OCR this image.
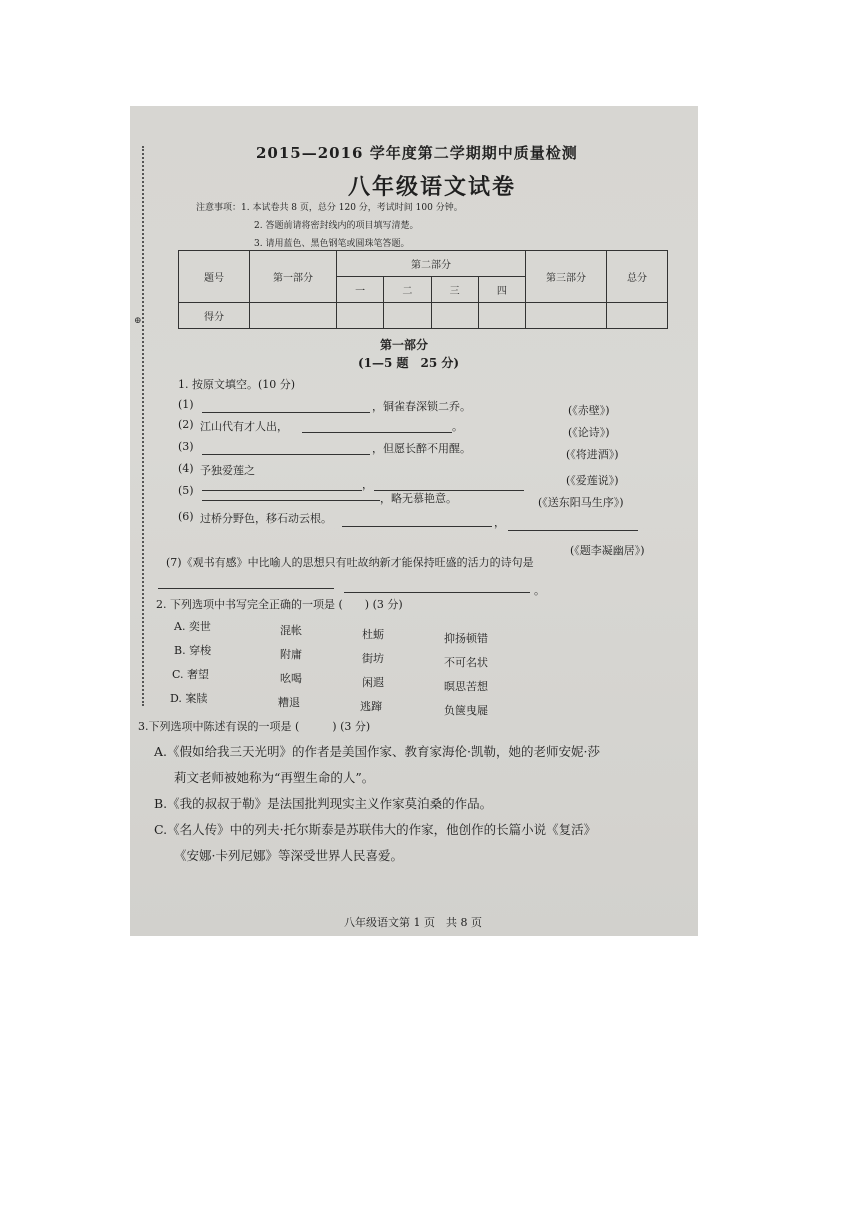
⊕
2015—2016 学年度第二学期期中质量检测
八年级语文试卷
注意事项：1. 本试卷共 8 页，总分 120 分，考试时间 100 分钟。
2. 答题前请将密封线内的项目填写清楚。
3. 请用蓝色、黑色钢笔或圆珠笔答题。
题号	第一部分	第二部分				第三部分	总分
		一	二	三	四		
得分							
第一部分
(1—5 题　25 分)
1. 按原文填空。(10 分)
(1)	，铜雀春深锁二乔。	(《赤壁》)
(2) 江山代有才人出，	。	(《论诗》)
(3)	，但愿长醉不用醒。	(《将进酒》)
(4) 予独爱莲之
，	(《爱莲说》)
(5)
，略无慕艳意。	(《送东阳马生序》)
(6) 过桥分野色，移石动云根。	，
(《题李凝幽居》)
(7)《观书有感》中比喻人的思想只有吐故纳新才能保持旺盛的活力的诗句是
。
2. 下列选项中书写完全正确的一项是 (　　) (3 分)
A. 奕世	混帐	杜蛎	抑扬顿错
B. 穿梭	附庸	街坊	不可名状
C. 奢望	吆喝	闲遐	暝思苦想
D. 案牍	糟退	逃蹿	负箧曳屣
3.下列选项中陈述有误的一项是 (　　　) (3 分)
A.《假如给我三天光明》的作者是美国作家、教育家海伦·凯勒，她的老师安妮·莎
莉文老师被她称为“再塑生命的人”。
B.《我的叔叔于勒》是法国批判现实主义作家莫泊桑的作品。
C.《名人传》中的列夫·托尔斯泰是苏联伟大的作家，他创作的长篇小说《复活》
《安娜·卡列尼娜》等深受世界人民喜爱。
八年级语文第 1 页　共 8 页
